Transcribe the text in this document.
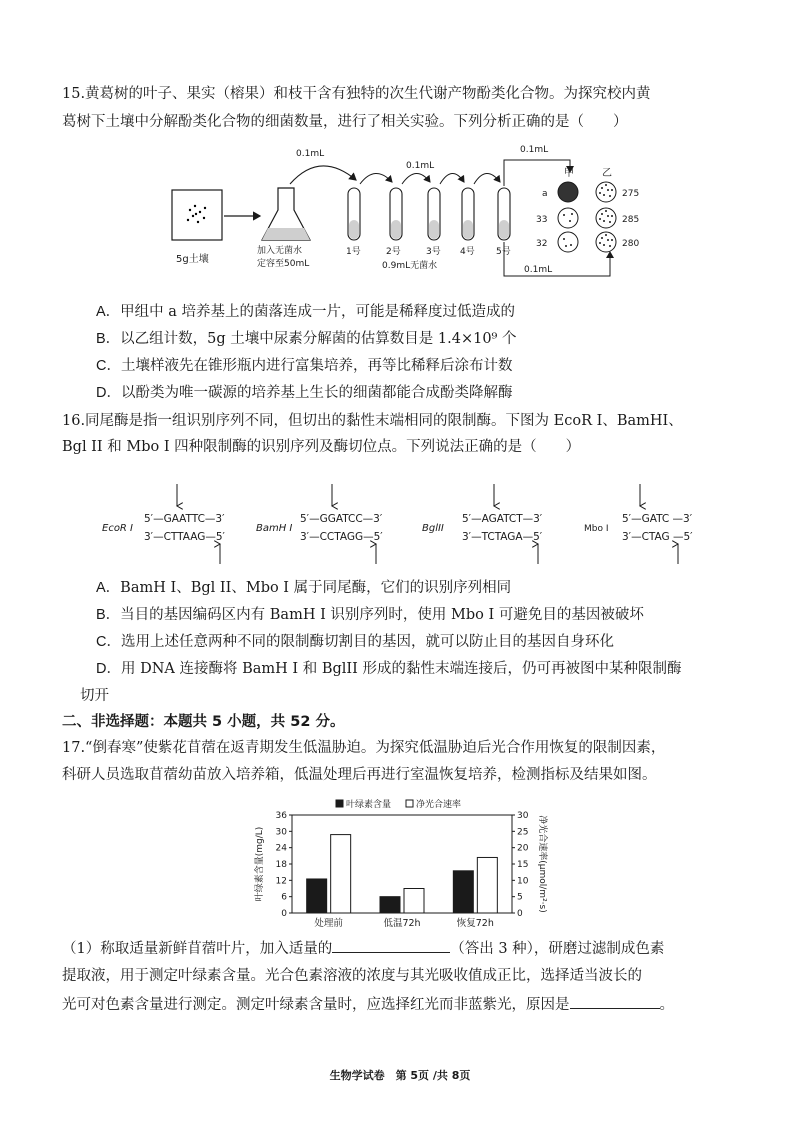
15.黄葛树的叶子、果实（榕果）和枝干含有独特的次生代谢产物酚类化合物。为探究校内黄
葛树下土壤中分解酚类化合物的细菌数量，进行了相关实验。下列分析正确的是（　　）
5g土壤
加入无菌水
定容至50mL
0.1mL
1号	2号	3号 4号 5号
0.1mL
0.9mL无菌水
0.1mL
0.1mL
甲	乙
a
33
32
275
285
280
A．甲组中 a 培养基上的菌落连成一片，可能是稀释度过低造成的
B．以乙组计数，5g 土壤中尿素分解菌的估算数目是 1.4×10⁹ 个
C．土壤样液先在锥形瓶内进行富集培养，再等比稀释后涂布计数
D．以酚类为唯一碳源的培养基上生长的细菌都能合成酚类降解酶
16.同尾酶是指一组识别序列不同，但切出的黏性末端相同的限制酶。下图为 EcoR I、BamHI、
Bgl II 和 Mbo I 四种限制酶的识别序列及酶切位点。下列说法正确的是（　　）
EcoR I
5′—GAATTC—3′
3′—CTTAAG—5′
BamH I
5′—GGATCC—3′
3′—CCTAGG—5′
BglII
5′—AGATCT—3′
3′—TCTAGA—5′
Mbo I
5′—GATC —3′
3′—CTAG —5′
A．BamH I、Bgl II、Mbo I 属于同尾酶，它们的识别序列相同
B．当目的基因编码区内有 BamH I 识别序列时，使用 Mbo I 可避免目的基因被破坏
C．选用上述任意两种不同的限制酶切割目的基因，就可以防止目的基因自身环化
D．用 DNA 连接酶将 BamH I 和 BglII 形成的黏性末端连接后，仍可再被图中某种限制酶
切开
二、非选择题：本题共 5 小题，共 52 分。
17.“倒春寒”使紫花苜蓿在返青期发生低温胁迫。为探究低温胁迫后光合作用恢复的限制因素，
科研人员选取苜蓿幼苗放入培养箱，低温处理后再进行室温恢复培养，检测指标及结果如图。
0
6
12
18
24
30
36
0
5
10
15
20
25
30
叶绿素含量(mg/L)	净光合速率(μmol/m²·s)
处理前	低温72h	恢复72h
叶绿素含量	净光合速率
（1）称取适量新鲜苜蓿叶片，加入适量的	（答出 3 种），研磨过滤制成色素
提取液，用于测定叶绿素含量。光合色素溶液的浓度与其光吸收值成正比，选择适当波长的
光可对色素含量进行测定。测定叶绿素含量时，应选择红光而非蓝紫光，原因是	。
生物学试卷　第 5页 /共 8页
